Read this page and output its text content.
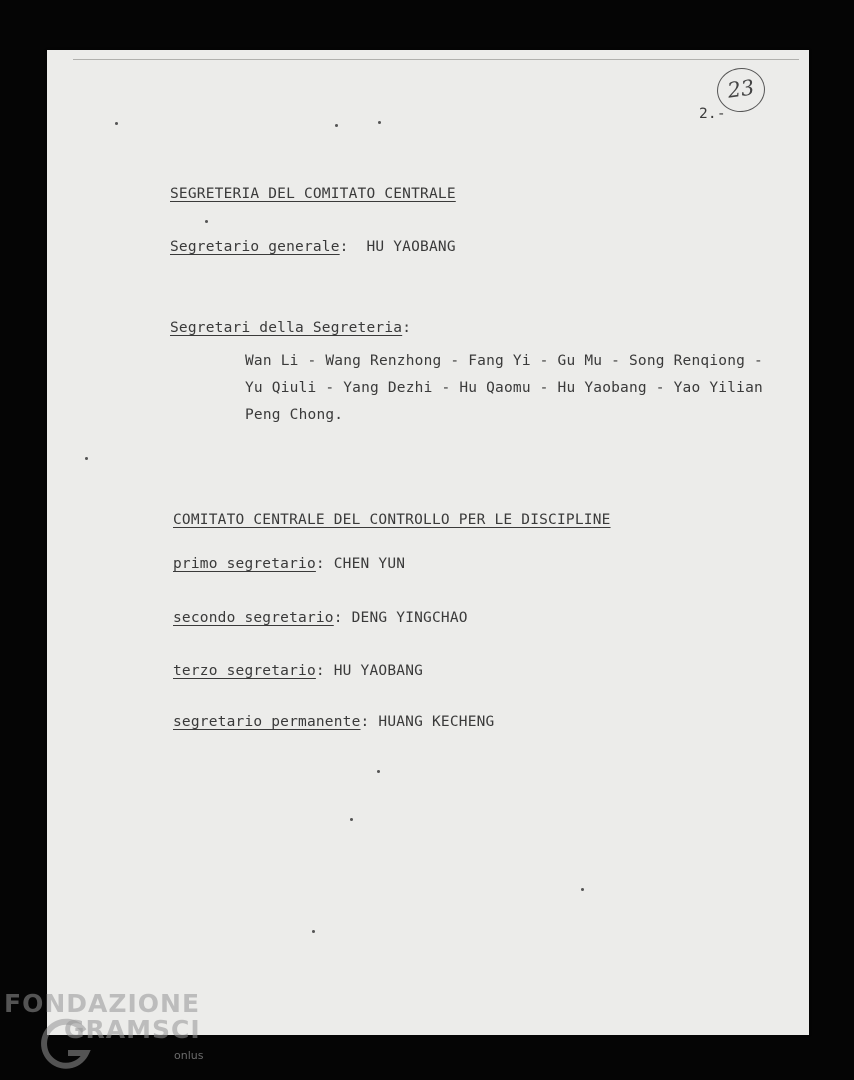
23
2.-
SEGRETERIA DEL COMITATO CENTRALE
Segretario generale:  HU YAOBANG
Segretari della Segreteria:
Wan Li - Wang Renzhong - Fang Yi - Gu Mu - Song Renqiong -
Yu Qiuli - Yang Dezhi - Hu Qaomu - Hu Yaobang - Yao Yilian
Peng Chong.
COMITATO CENTRALE DEL CONTROLLO PER LE DISCIPLINE
primo segretario: CHEN YUN
secondo segretario: DENG YINGCHAO
terzo segretario: HU YAOBANG
segretario permanente: HUANG KECHENG
FONDAZIONE
GRAMSCI
onlus
